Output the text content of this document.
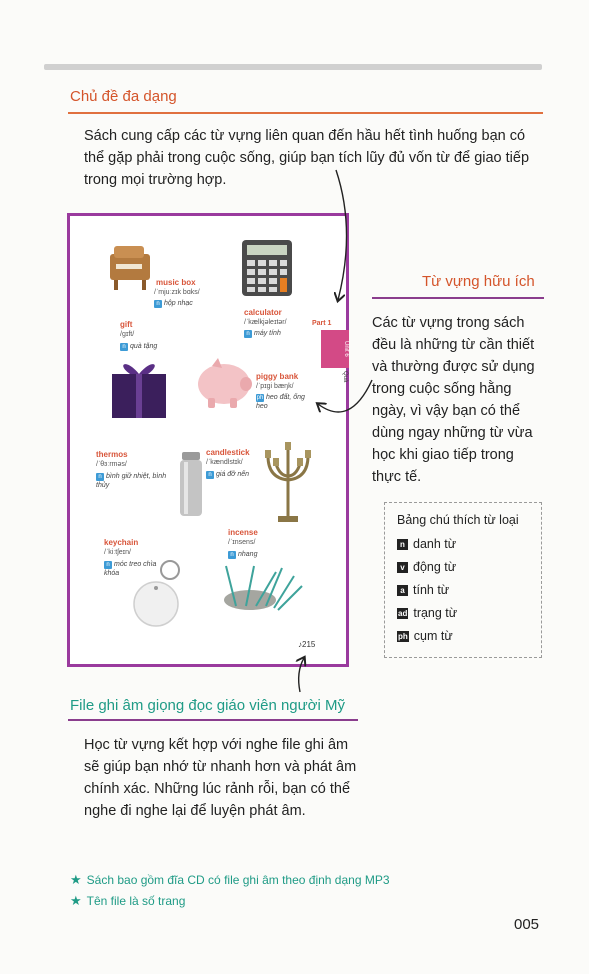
Chủ đề đa dạng
Sách cung cấp các từ vựng liên quan đến hầu hết tình huống bạn có
thể gặp phải trong cuộc sống, giúp bạn tích lũy đủ vốn từ để giao tiếp
trong mọi trường hợp.
music box
/ˈmjuːzɪk bɑks/
n hộp nhạc
calculator
/ˈkælkjəleɪtər/
n máy tính
gift
/gɪft/
n quà tặng
piggy bank
/ˈpɪgi bæŋk/
ph heo đất, ống heo
thermos
/ˈθɜːrməs/
n bình giữ nhiệt, bình thủy
candlestick
/ˈkændlstɪk/
n giá đỡ nến
keychain
/ˈkiːtʃeɪn/
n móc treo chìa khóa
incense
/ˈɪnsens/
n nhang
Part 1
Unit 6
Quà
♪215
Từ vựng hữu ích
Các từ vựng trong sách
đều là những từ cần thiết
và thường được sử dụng
trong cuộc sống hằng
ngày, vì vậy bạn có thể
dùng ngay những từ vừa
học khi giao tiếp trong
thực tế.
Bảng chú thích từ loại
n danh từ
v động từ
a tính từ
ad trạng từ
ph cụm từ
File ghi âm giọng đọc giáo viên người Mỹ
Học từ vựng kết hợp với nghe file ghi âm
sẽ giúp bạn nhớ từ nhanh hơn và phát âm
chính xác. Những lúc rảnh rỗi, bạn có thể
nghe đi nghe lại để luyện phát âm.
★ Sách bao gồm đĩa CD có file ghi âm theo định dạng MP3
★ Tên file là số trang
005
